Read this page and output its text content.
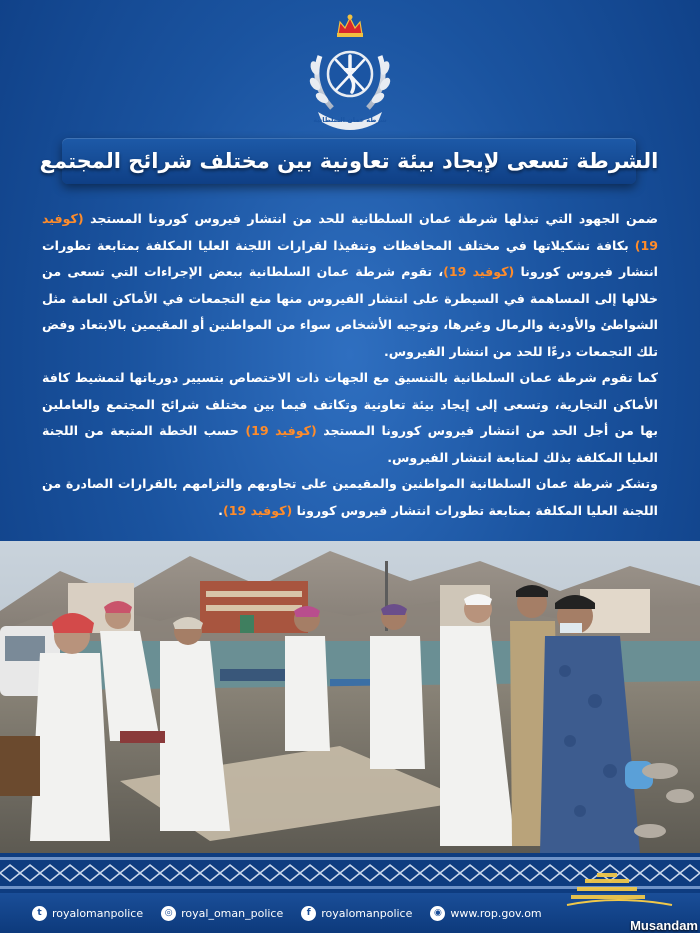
شرطة عمان السلطانية
الشرطة تسعى لإيجاد بيئة تعاونية بين مختلف شرائح المجتمع

ضمن الجهود التي تبذلها شرطة عمان السلطانية للحد من انتشار فيروس كورونا المستجد (كوفيد 19) بكافة تشكيلاتها في مختلف المحافظات وتنفيذا لقرارات اللجنة العليا المكلفة بمتابعة تطورات انتشار فيروس كورونا (كوفيد 19)، تقوم شرطة عمان السلطانية ببعض الإجراءات التي تسعى من خلالها إلى المساهمة في السيطرة على انتشار الفيروس منها منع التجمعات في الأماكن العامة مثل الشواطئ والأودية والرمال وغيرها، وتوجيه الأشخاص سواء من المواطنين أو المقيمين بالابتعاد وفض تلك التجمعات درءًا للحد من انتشار الفيروس.

كما تقوم شرطة عمان السلطانية بالتنسيق مع الجهات ذات الاختصاص بتسيير دورياتها لتمشيط كافة الأماكن التجارية، وتسعى إلى إيجاد بيئة تعاونية وتكاتف فيما بين مختلف شرائح المجتمع والعاملين بها من أجل الحد من انتشار فيروس كورونا المستجد (كوفيد 19) حسب الخطة المتبعة من اللجنة العليا المكلفة بذلك لمتابعة انتشار الفيروس.

وتشكر شرطة عمان السلطانية المواطنين والمقيمين على تجاوبهم والتزامهم بالقرارات الصادرة من اللجنة العليا المكلفة بمتابعة تطورات انتشار فيروس كورونا (كوفيد 19).

t royalomanpolice	◎ royal_oman_police	f royalomanpolice	◉ www.rop.gov.om
Musandam
